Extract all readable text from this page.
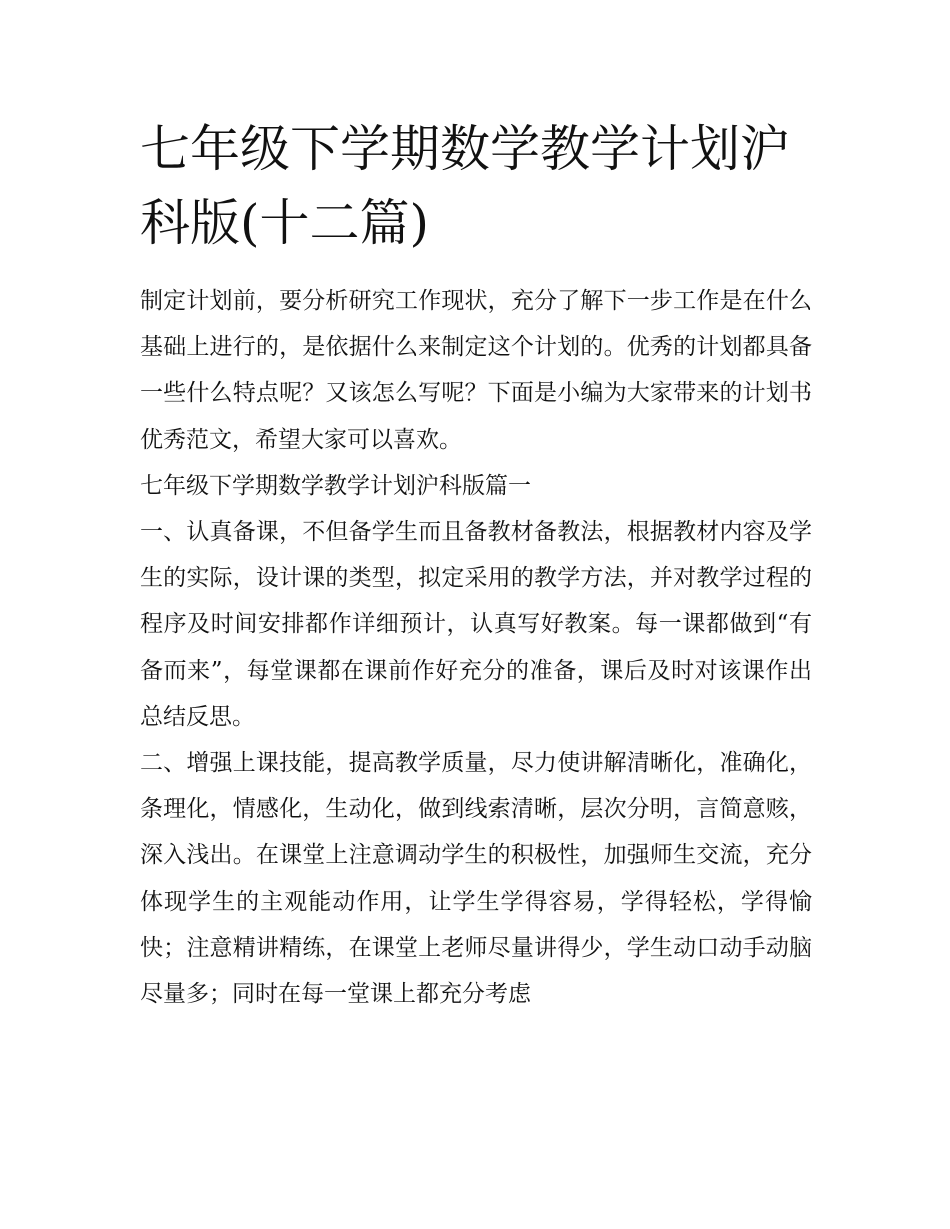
七年级下学期数学教学计划沪科版(十二篇)

制定计划前，要分析研究工作现状，充分了解下一步工作是在什么基础上进行的，是依据什么来制定这个计划的。优秀的计划都具备一些什么特点呢？又该怎么写呢？下面是小编为大家带来的计划书优秀范文，希望大家可以喜欢。

七年级下学期数学教学计划沪科版篇一

一、认真备课，不但备学生而且备教材备教法，根据教材内容及学生的实际，设计课的类型，拟定采用的教学方法，并对教学过程的程序及时间安排都作详细预计，认真写好教案。每一课都做到“有备而来”，每堂课都在课前作好充分的准备，课后及时对该课作出总结反思。

二、增强上课技能，提高教学质量，尽力使讲解清晰化，准确化，条理化，情感化，生动化，做到线索清晰，层次分明，言简意赅，深入浅出。在课堂上注意调动学生的积极性，加强师生交流，充分体现学生的主观能动作用，让学生学得容易，学得轻松，学得愉快；注意精讲精练，在课堂上老师尽量讲得少，学生动口动手动脑尽量多；同时在每一堂课上都充分考虑
